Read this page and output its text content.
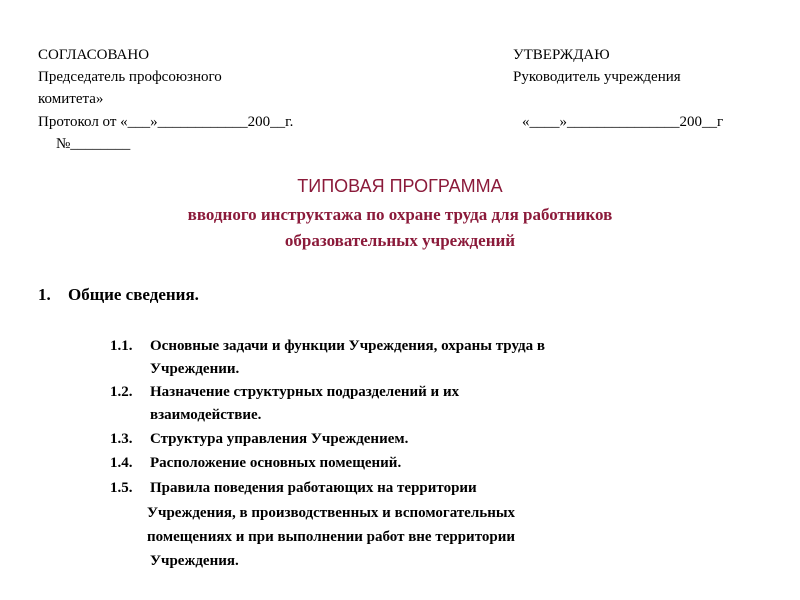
СОГЛАСОВАНО
Председатель профсоюзного
комитета»
Протокол от «___»____________200__г.
№________
УТВЕРЖДАЮ
Руководитель учреждения
«____»_______________200__г
ТИПОВАЯ ПРОГРАММА
вводного инструктажа по охране труда для работников
образовательных учреждений
1. Общие сведения.
1.1. Основные задачи и функции Учреждения, охраны труда в
Учреждении.
1.2. Назначение структурных подразделений и их
взаимодействие.
1.3. Структура управления Учреждением.
1.4. Расположение основных помещений.
1.5. Правила поведения работающих на территории
Учреждения, в производственных и вспомогательных
помещениях и при выполнении работ вне территории
Учреждения.
